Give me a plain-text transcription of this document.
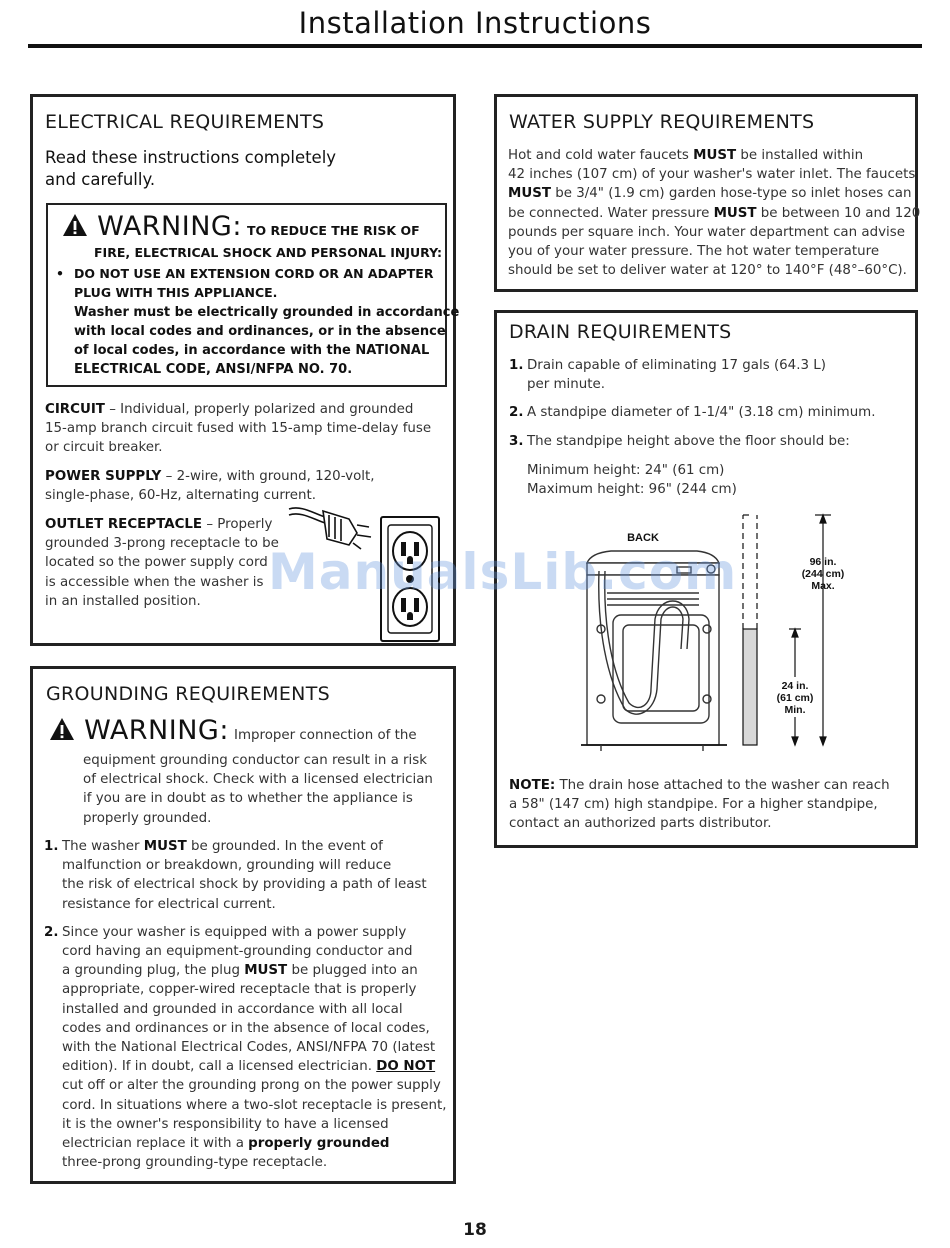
Installation Instructions
ELECTRICAL REQUIREMENTS
Read these instructions completely
and carefully.
WARNING: TO REDUCE THE RISK OF
FIRE, ELECTRICAL SHOCK AND PERSONAL INJURY:
• DO NOT USE AN EXTENSION CORD OR AN ADAPTER
PLUG WITH THIS APPLIANCE.
Washer must be electrically grounded in accordance
with local codes and ordinances, or in the absence
of local codes, in accordance with the NATIONAL
ELECTRICAL CODE, ANSI/NFPA NO. 70.
CIRCUIT – Individual, properly polarized and grounded
15-amp branch circuit fused with 15-amp time-delay fuse
or circuit breaker.
POWER SUPPLY – 2-wire, with ground, 120-volt,
single-phase, 60-Hz, alternating current.
OUTLET RECEPTACLE – Properly
grounded 3-prong receptacle to be
located so the power supply cord
is accessible when the washer is
in an installed position.
GROUNDING REQUIREMENTS
WARNING: Improper connection of the
equipment grounding conductor can result in a risk
of electrical shock. Check with a licensed electrician
if you are in doubt as to whether the appliance is
properly grounded.
1. The washer MUST be grounded. In the event of
malfunction or breakdown, grounding will reduce
the risk of electrical shock by providing a path of least
resistance for electrical current.
2. Since your washer is equipped with a power supply
cord having an equipment-grounding conductor and
a grounding plug, the plug MUST be plugged into an
appropriate, copper-wired receptacle that is properly
installed and grounded in accordance with all local
codes and ordinances or in the absence of local codes,
with the National Electrical Codes, ANSI/NFPA 70 (latest
edition). If in doubt, call a licensed electrician. DO NOT
cut off or alter the grounding prong on the power supply
cord. In situations where a two-slot receptacle is present,
it is the owner's responsibility to have a licensed
electrician replace it with a properly grounded
three-prong grounding-type receptacle.
WATER SUPPLY REQUIREMENTS
Hot and cold water faucets MUST be installed within
42 inches (107 cm) of your washer's water inlet. The faucets
MUST be 3/4" (1.9 cm) garden hose-type so inlet hoses can
be connected. Water pressure MUST be between 10 and 120
pounds per square inch. Your water department can advise
you of your water pressure. The hot water temperature
should be set to deliver water at 120° to 140°F (48°–60°C).
DRAIN REQUIREMENTS
1. Drain capable of eliminating 17 gals (64.3 L)
per minute.
2. A standpipe diameter of 1-1/4" (3.18 cm) minimum.
3. The standpipe height above the floor should be:
Minimum height: 24" (61 cm)
Maximum height: 96" (244 cm)
BACK
96 in.
(244 cm)
Max.
24 in.
(61 cm)
Min.
NOTE: The drain hose attached to the washer can reach
a 58" (147 cm) high standpipe. For a higher standpipe,
contact an authorized parts distributor.
ManualsLib.com
18
